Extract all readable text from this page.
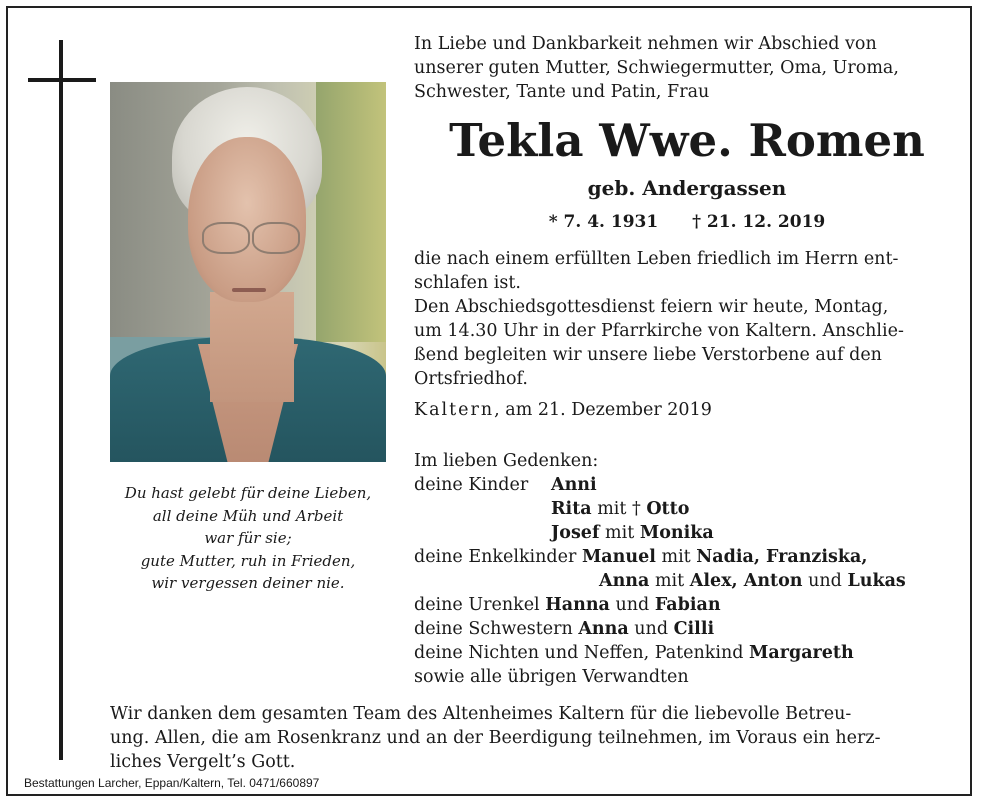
Du hast gelebt für deine Lieben,
all deine Müh und Arbeit
war für sie;
gute Mutter, ruh in Frieden,
wir vergessen deiner nie.
In Liebe und Dankbarkeit nehmen wir Abschied von
unserer guten Mutter, Schwiegermutter, Oma, Uroma,
Schwester, Tante und Patin, Frau
Tekla Wwe. Romen
geb. Andergassen
* 7. 4. 1931 † 21. 12. 2019
die nach einem erfüllten Leben friedlich im Herrn ent-
schlafen ist.
Den Abschiedsgottesdienst feiern wir heute, Montag,
um 14.30 Uhr in der Pfarrkirche von Kaltern. Anschlie-
ßend begleiten wir unsere liebe Verstorbene auf den
Ortsfriedhof.
Kaltern, am 21. Dezember 2019
Im lieben Gedenken:
deine Kinder Anni
Rita mit † Otto
Josef mit Monika
deine Enkelkinder Manuel mit Nadia, Franziska,
Anna mit Alex, Anton und Lukas
deine Urenkel Hanna und Fabian
deine Schwestern Anna und Cilli
deine Nichten und Neffen, Patenkind Margareth
sowie alle übrigen Verwandten
Wir danken dem gesamten Team des Altenheimes Kaltern für die liebevolle Betreu-
ung. Allen, die am Rosenkranz und an der Beerdigung teilnehmen, im Voraus ein herz-
liches Vergelt’s Gott.
Bestattungen Larcher, Eppan/Kaltern, Tel. 0471/660897
